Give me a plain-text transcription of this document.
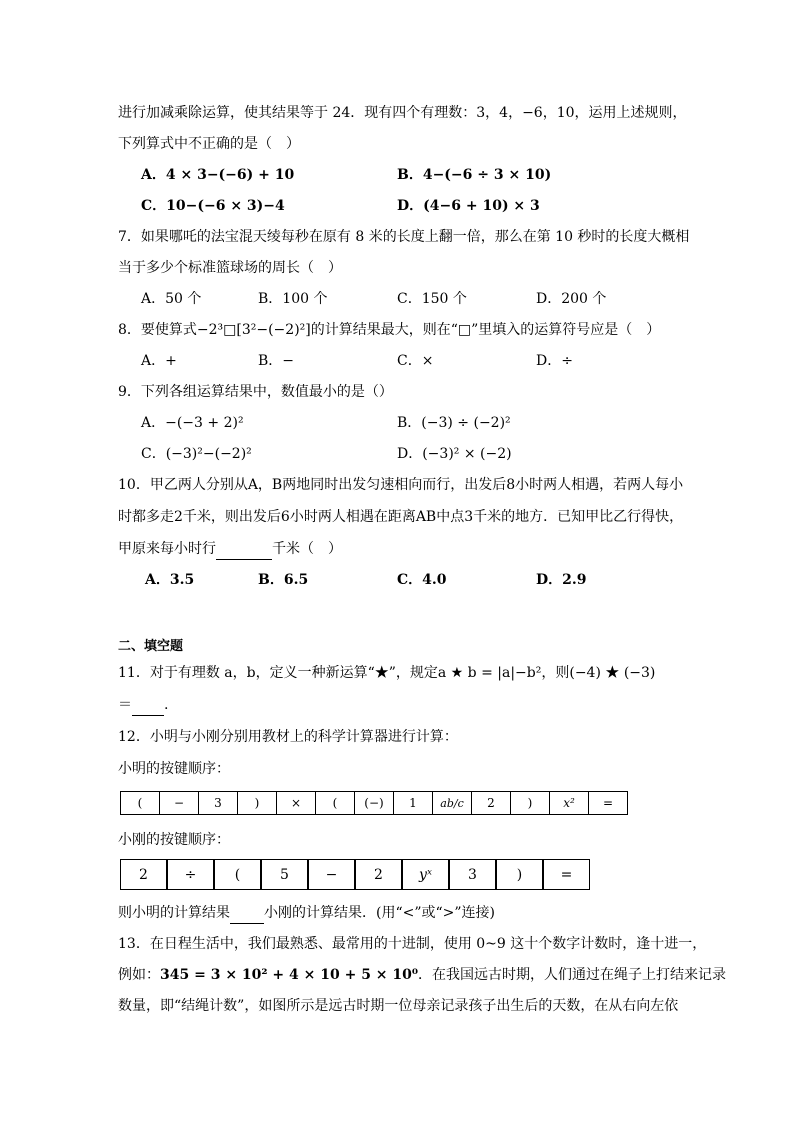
进行加减乘除运算，使其结果等于 24．现有四个有理数：3，4，−6，10，运用上述规则，
下列算式中不正确的是（　）
A．4 × 3−(−6) + 10	B．4−(−6 ÷ 3 × 10)
C．10−(−6 × 3)−4	D．(4−6 + 10) × 3
7．如果哪吒的法宝混天绫每秒在原有 8 米的长度上翻一倍，那么在第 10 秒时的长度大概相
当于多少个标准篮球场的周长（　）
A．50 个	B．100 个	C．150 个	D．200 个
8．要使算式−2³□[3²−(−2)²]的计算结果最大，则在“□”里填入的运算符号应是（　）
A．+	B．−	C．×	D．÷
9．下列各组运算结果中，数值最小的是（）
A．−(−3 + 2)²	B．(−3) ÷ (−2)²
C．(−3)²−(−2)²	D．(−3)² × (−2)
10．甲乙两人分别从A，B两地同时出发匀速相向而行，出发后8小时两人相遇，若两人每小
时都多走2千米，则出发后6小时两人相遇在距离AB中点3千米的地方．已知甲比乙行得快，
甲原来每小时行	千米（　）
A．3.5	B．6.5	C．4.0	D．2.9
二、填空题
11．对于有理数 a，b，定义一种新运算“★”，规定a ★ b = |a|−b²，则(−4) ★ (−3)
＝ .
12．小明与小刚分别用教材上的科学计算器进行计算：
小明的按键顺序：
(	−	3	)	×	(	(−)	1	ab/c	2	)	x²	=
小刚的按键顺序：
2	÷	(	5	−	2	yˣ	3	)	=
则小明的计算结果 小刚的计算结果．(用“<”或“>”连接)
13．在日程生活中，我们最熟悉、最常用的十进制，使用 0~9 这十个数字计数时，逢十进一，
例如：345 = 3 × 10² + 4 × 10 + 5 × 10⁰．在我国远古时期，人们通过在绳子上打结来记录
数量，即“结绳计数”，如图所示是远古时期一位母亲记录孩子出生后的天数，在从右向左依
